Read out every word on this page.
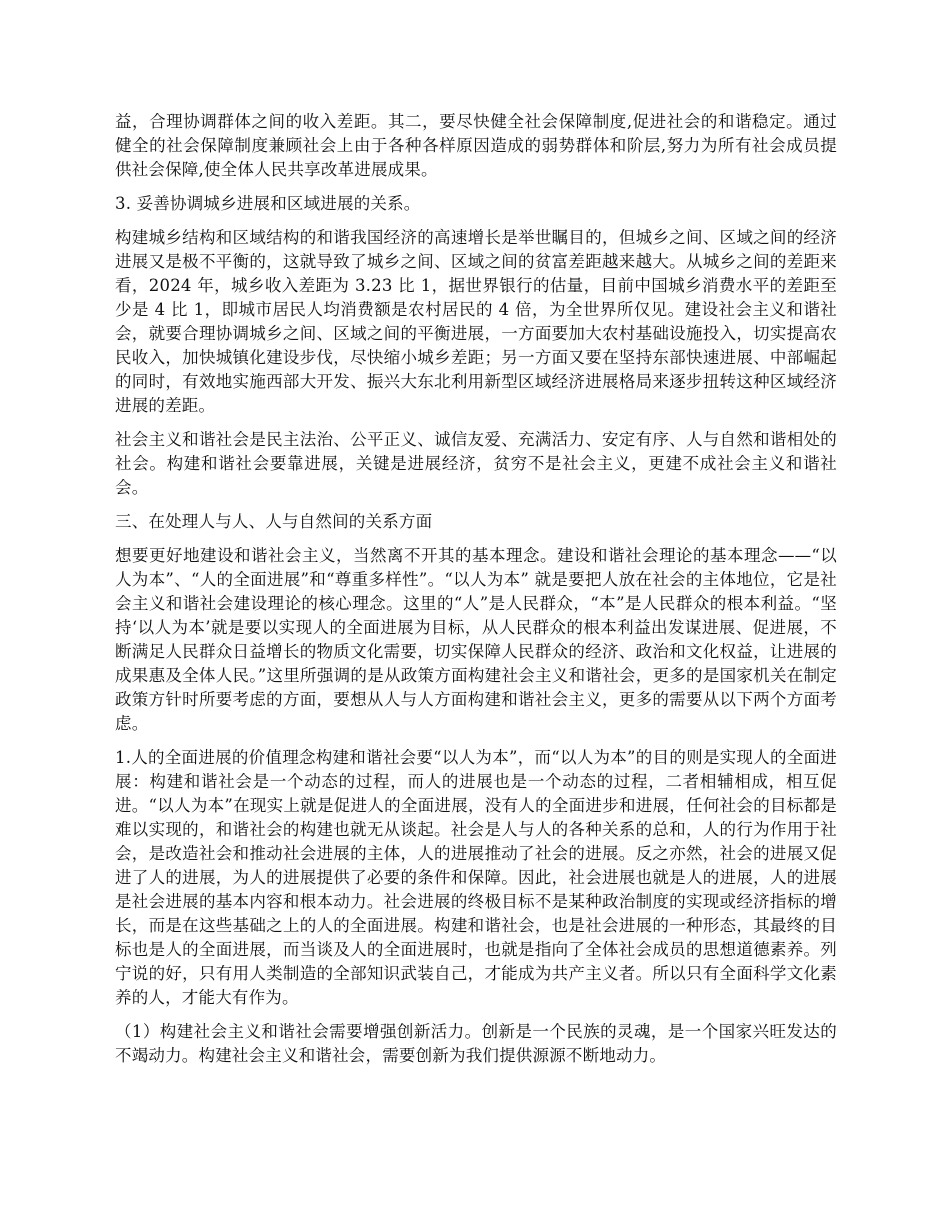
益，合理协调群体之间的收入差距。其二，要尽快健全社会保障制度,促进社会的和谐稳定。通过健全的社会保障制度兼顾社会上由于各种各样原因造成的弱势群体和阶层,努力为所有社会成员提供社会保障,使全体人民共享改革进展成果。

3. 妥善协调城乡进展和区域进展的关系。

构建城乡结构和区域结构的和谐我国经济的高速增长是举世瞩目的，但城乡之间、区域之间的经济进展又是极不平衡的，这就导致了城乡之间、区域之间的贫富差距越来越大。从城乡之间的差距来看，2024 年，城乡收入差距为 3.23 比 1，据世界银行的估量，目前中国城乡消费水平的差距至少是 4 比 1，即城市居民人均消费额是农村居民的 4 倍，为全世界所仅见。建设社会主义和谐社会，就要合理协调城乡之间、区域之间的平衡进展，一方面要加大农村基础设施投入，切实提高农民收入，加快城镇化建设步伐，尽快缩小城乡差距；另一方面又要在坚持东部快速进展、中部崛起的同时，有效地实施西部大开发、振兴大东北利用新型区域经济进展格局来逐步扭转这种区域经济进展的差距。

社会主义和谐社会是民主法治、公平正义、诚信友爱、充满活力、安定有序、人与自然和谐相处的社会。构建和谐社会要靠进展，关键是进展经济，贫穷不是社会主义，更建不成社会主义和谐社会。

三、在处理人与人、人与自然间的关系方面

想要更好地建设和谐社会主义，当然离不开其的基本理念。建设和谐社会理论的基本理念——“以人为本”、“人的全面进展”和“尊重多样性”。“以人为本” 就是要把人放在社会的主体地位，它是社会主义和谐社会建设理论的核心理念。这里的“人”是人民群众，“本”是人民群众的根本利益。“坚持‘以人为本’就是要以实现人的全面进展为目标，从人民群众的根本利益出发谋进展、促进展，不断满足人民群众日益增长的物质文化需要，切实保障人民群众的经济、政治和文化权益，让进展的成果惠及全体人民。”这里所强调的是从政策方面构建社会主义和谐社会，更多的是国家机关在制定政策方针时所要考虑的方面，要想从人与人方面构建和谐社会主义，更多的需要从以下两个方面考虑。

1.人的全面进展的价值理念构建和谐社会要“以人为本”，而“以人为本”的目的则是实现人的全面进展：构建和谐社会是一个动态的过程，而人的进展也是一个动态的过程，二者相辅相成，相互促进。“以人为本”在现实上就是促进人的全面进展，没有人的全面进步和进展，任何社会的目标都是难以实现的，和谐社会的构建也就无从谈起。社会是人与人的各种关系的总和，人的行为作用于社会，是改造社会和推动社会进展的主体，人的进展推动了社会的进展。反之亦然，社会的进展又促进了人的进展，为人的进展提供了必要的条件和保障。因此，社会进展也就是人的进展，人的进展是社会进展的基本内容和根本动力。社会进展的终极目标不是某种政治制度的实现或经济指标的增长，而是在这些基础之上的人的全面进展。构建和谐社会，也是社会进展的一种形态，其最终的目标也是人的全面进展，而当谈及人的全面进展时，也就是指向了全体社会成员的思想道德素养。列宁说的好，只有用人类制造的全部知识武装自己，才能成为共产主义者。所以只有全面科学文化素养的人，才能大有作为。

（1）构建社会主义和谐社会需要增强创新活力。创新是一个民族的灵魂，是一个国家兴旺发达的不竭动力。构建社会主义和谐社会，需要创新为我们提供源源不断地动力。
